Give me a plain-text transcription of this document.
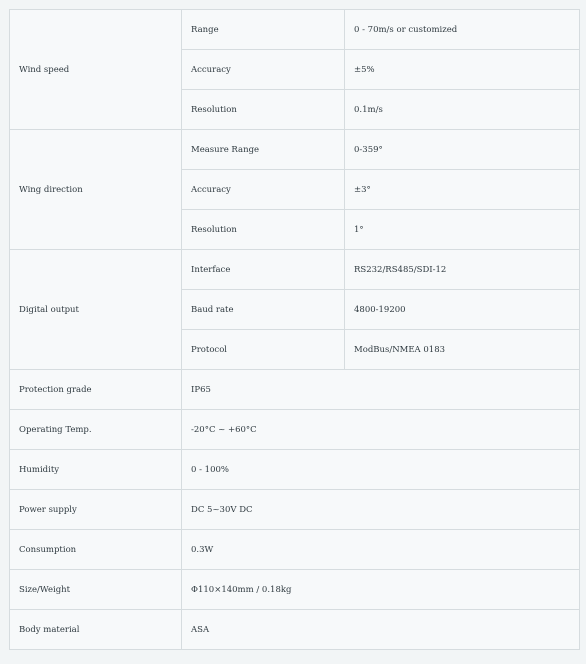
Wind speed	Range	0 - 70m/s or customized
	Accuracy	±5%
	Resolution	0.1m/s
Wing direction	Measure Range	0-359°
	Accuracy	±3°
	Resolution	1°
Digital output	Interface	RS232/RS485/SDI-12
	Baud rate	4800-19200
	Protocol	ModBus/NMEA 0183
Protection grade	IP65	
Operating Temp.	-20°C ~ +60°C	
Humidity	0 - 100%	
Power supply	DC 5~30V DC	
Consumption	0.3W	
Size/Weight	Φ110×140mm / 0.18kg	
Body material	ASA	
